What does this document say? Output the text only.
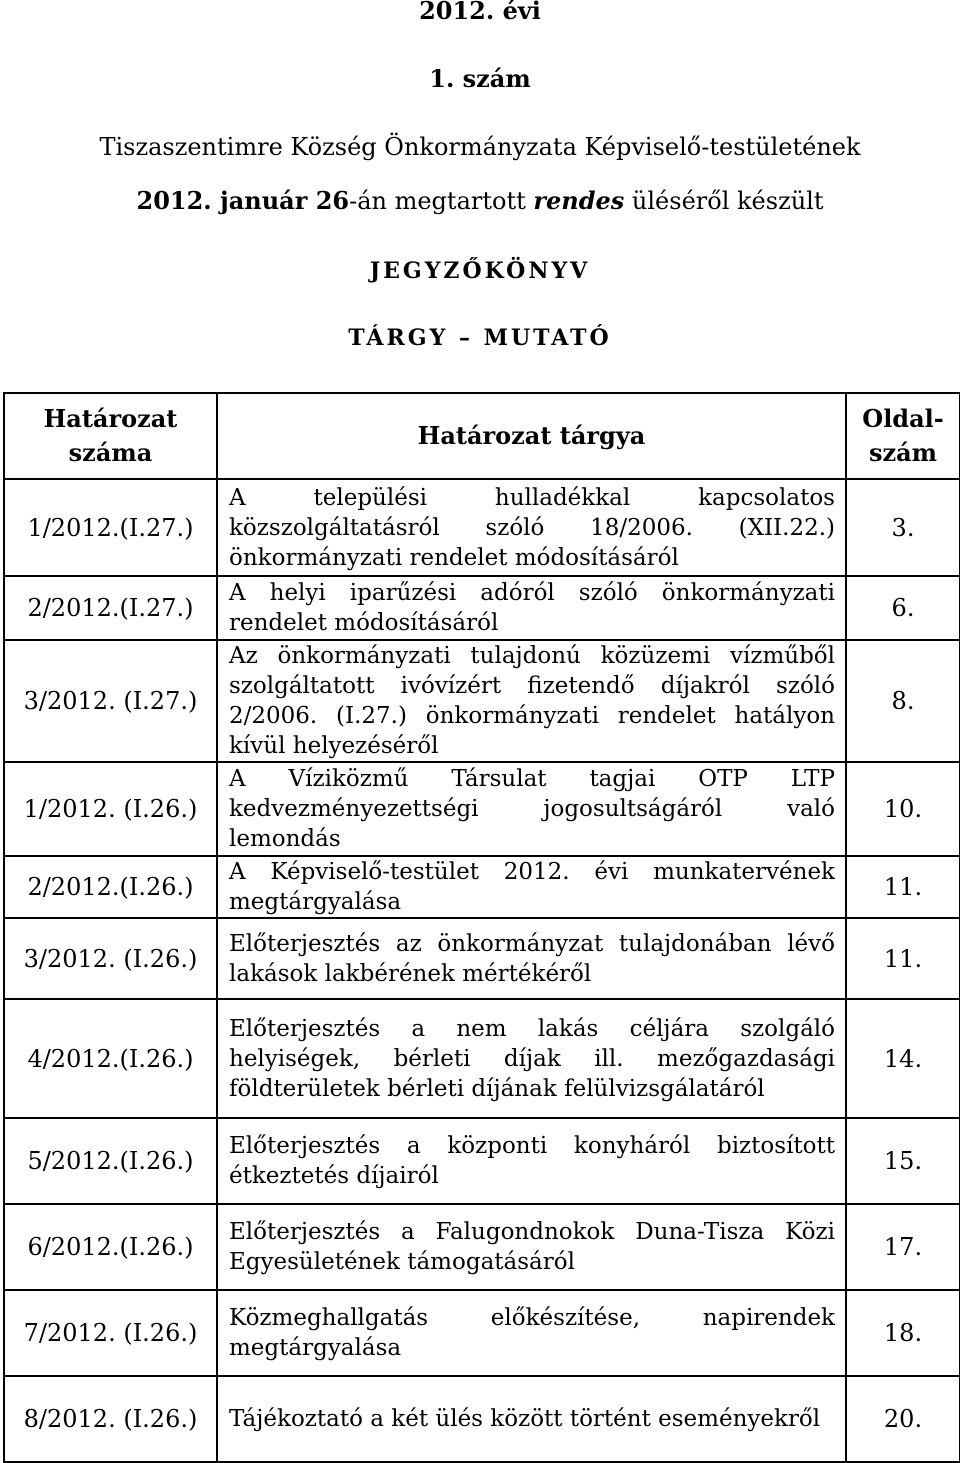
2012. évi
1. szám
Tiszaszentimre Község Önkormányzata Képviselő-testületének
2012. január 26-án megtartott rendes üléséről készült
JEGYZŐKÖNYV
TÁRGY – MUTATÓ
Határozat száma	Határozat tárgya	Oldal-szám
1/2012.(I.27.)	A települési hulladékkal kapcsolatos közszolgáltatásról szóló 18/2006. (XII.22.) önkormányzati rendelet módosításáról	3.
2/2012.(I.27.)	A helyi iparűzési adóról szóló önkormányzati rendelet módosításáról	6.
3/2012. (I.27.)	Az önkormányzati tulajdonú közüzemi vízműből szolgáltatott ivóvízért fizetendő díjakról szóló 2/2006. (I.27.) önkormányzati rendelet hatályon kívül helyezéséről	8.
1/2012. (I.26.)	A Víziközmű Társulat tagjai OTP LTP kedvezményezettségi jogosultságáról való lemondás	10.
2/2012.(I.26.)	A Képviselő-testület 2012. évi munkatervének megtárgyalása	11.
3/2012. (I.26.)	Előterjesztés az önkormányzat tulajdonában lévő lakások lakbérének mértékéről	11.
4/2012.(I.26.)	Előterjesztés a nem lakás céljára szolgáló helyiségek, bérleti díjak ill. mezőgazdasági földterületek bérleti díjának felülvizsgálatáról	14.
5/2012.(I.26.)	Előterjesztés a központi konyháról biztosított étkeztetés díjairól	15.
6/2012.(I.26.)	Előterjesztés a Falugondnokok Duna-Tisza Közi Egyesületének támogatásáról	17.
7/2012. (I.26.)	Közmeghallgatás előkészítése, napirendek megtárgyalása	18.
8/2012. (I.26.)	Tájékoztató a két ülés között történt eseményekről	20.
